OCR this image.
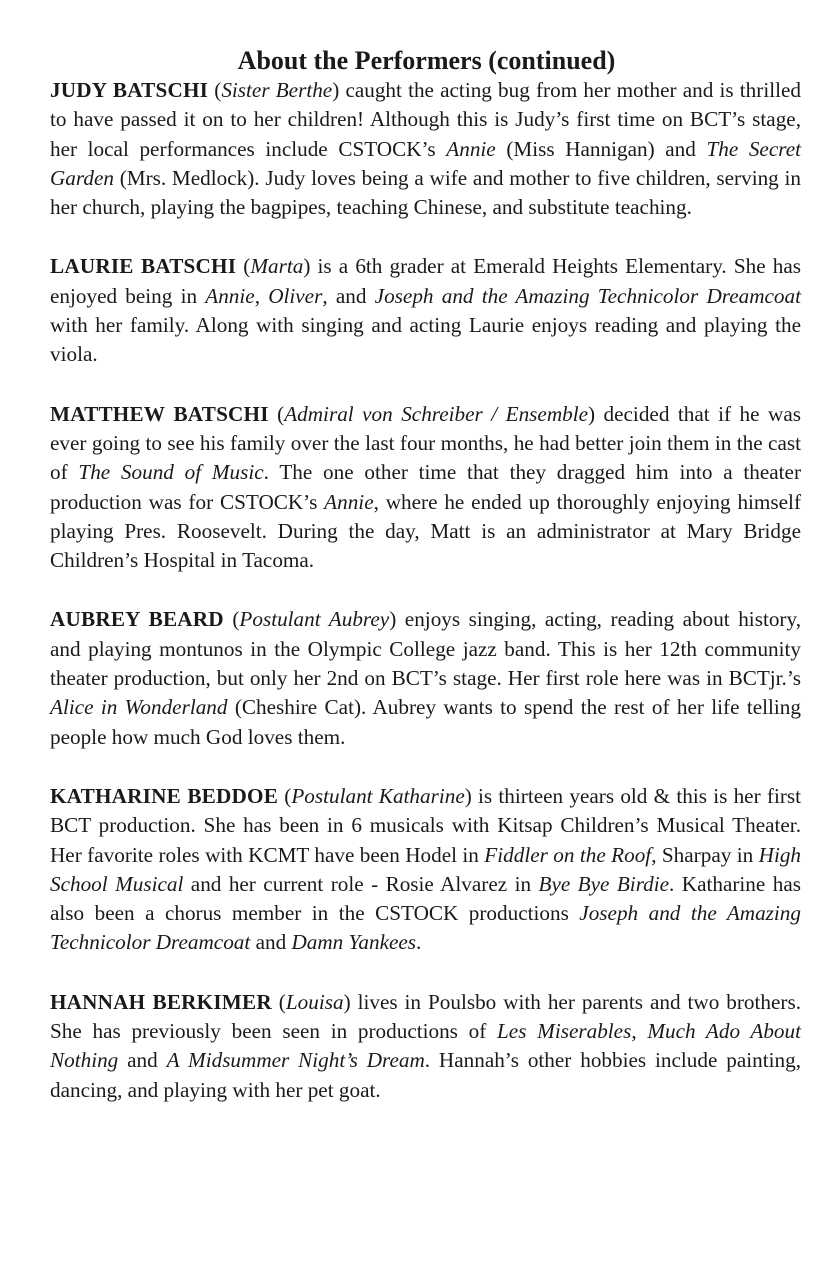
About the Performers (continued)

JUDY BATSCHI (Sister Berthe) caught the acting bug from her mother and is thrilled to have passed it on to her children! Although this is Judy’s first time on BCT’s stage, her local performances include CSTOCK’s Annie (Miss Hannigan) and The Secret Garden (Mrs. Medlock). Judy loves being a wife and mother to five children, serving in her church, playing the bagpipes, teaching Chinese, and substitute teaching.

LAURIE BATSCHI (Marta) is a 6th grader at Emerald Heights Elementary. She has enjoyed being in Annie, Oliver, and Joseph and the Amazing Technicolor Dreamcoat with her family. Along with singing and acting Laurie enjoys reading and playing the viola.

MATTHEW BATSCHI (Admiral von Schreiber / Ensemble) decided that if he was ever going to see his family over the last four months, he had better join them in the cast of The Sound of Music. The one other time that they dragged him into a theater production was for CSTOCK’s Annie, where he ended up thoroughly enjoying himself playing Pres. Roosevelt. During the day, Matt is an administrator at Mary Bridge Children’s Hospital in Tacoma.

AUBREY BEARD (Postulant Aubrey) enjoys singing, acting, reading about history, and playing montunos in the Olympic College jazz band. This is her 12th community theater production, but only her 2nd on BCT’s stage. Her first role here was in BCTjr.’s Alice in Wonderland (Cheshire Cat). Aubrey wants to spend the rest of her life telling people how much God loves them.

KATHARINE BEDDOE (Postulant Katharine) is thirteen years old & this is her first BCT production. She has been in 6 musicals with Kitsap Children’s Musical Theater. Her favorite roles with KCMT have been Hodel in Fiddler on the Roof, Sharpay in High School Musical and her current role - Rosie Alvarez in Bye Bye Birdie. Katharine has also been a chorus member in the CSTOCK productions Joseph and the Amazing Technicolor Dreamcoat and Damn Yankees.

HANNAH BERKIMER (Louisa) lives in Poulsbo with her parents and two brothers. She has previously been seen in productions of Les Miserables, Much Ado About Nothing and A Midsummer Night’s Dream. Hannah’s other hobbies include painting, dancing, and playing with her pet goat.
